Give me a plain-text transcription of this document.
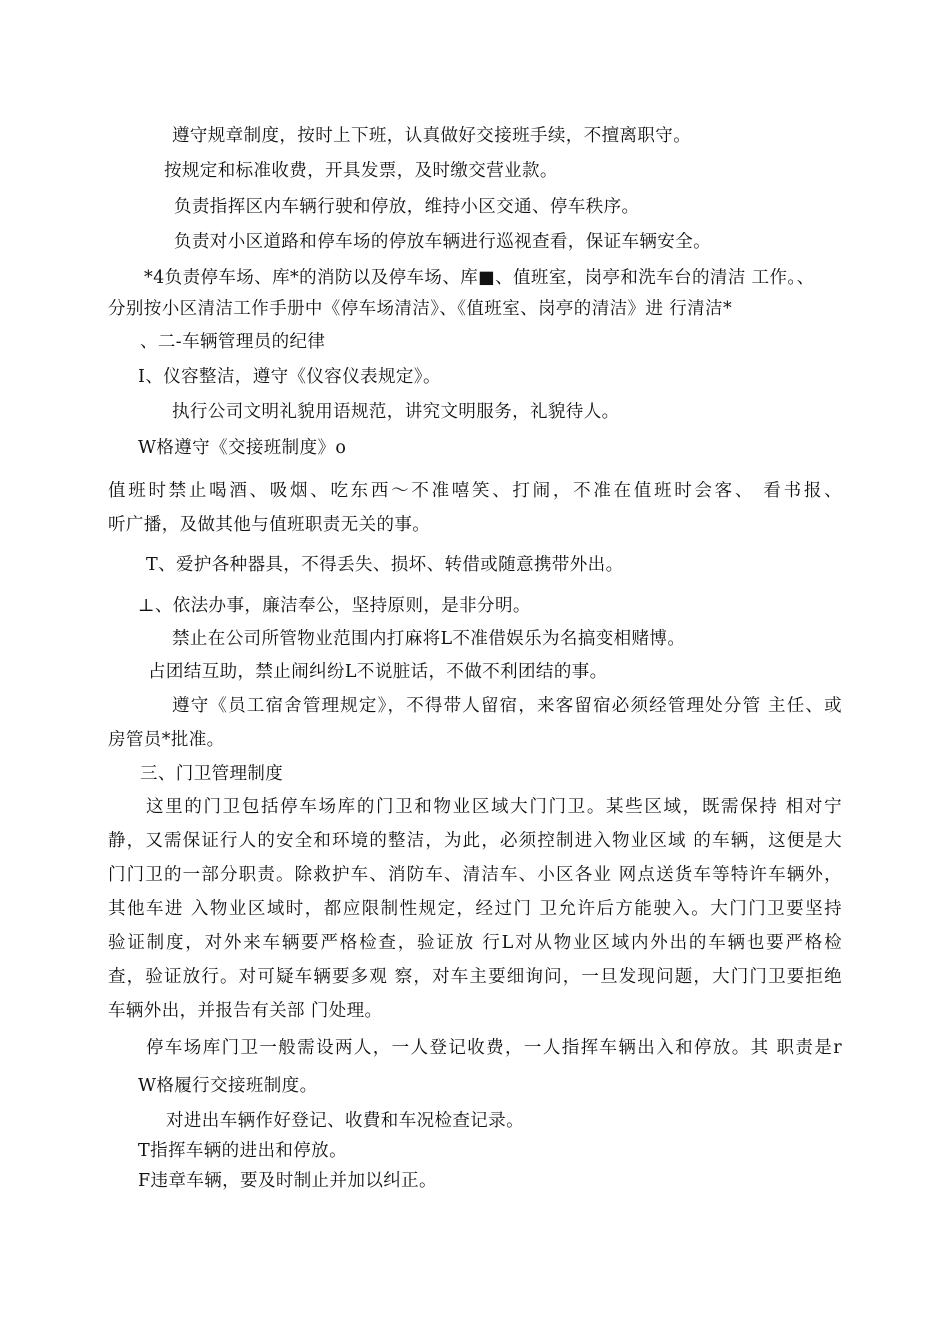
遵守规章制度，按时上下班，认真做好交接班手续，不擅离职守。
按规定和标准收费，开具发票，及时缴交营业款。
负责指挥区内车辆行驶和停放，维持小区交通、停车秩序。
负责对小区道路和停车场的停放车辆进行巡视查看，保证车辆安全。
*4负责停车场、库*的消防以及停车场、库■、值班室，岗亭和洗车台的清洁 工作。、
分别按小区清洁工作手册中《停车场清洁》、《值班室、岗亭的清洁》进 行清洁*
、二-车辆管理员的纪律
I、仪容整洁，遵守《仪容仪表规定》。
执行公司文明礼貌用语规范，讲究文明服务，礼貌待人。
W格遵守《交接班制度》o
值班时禁止喝酒、吸烟、吃东西〜不准嘻笑、打闹，不准在值班时会客、 看书报、
听广播，及做其他与值班职责无关的事。
T、爱护各种器具，不得丢失、损坏、转借或随意携带外出。
⊥、依法办事，廉洁奉公，坚持原则，是非分明。
禁止在公司所管物业范围内打麻将L不准借娱乐为名搞变相赌博。
占团结互助，禁止闹纠纷L不说脏话，不做不利团结的事。
遵守《员工宿舍管理规定》，不得带人留宿，来客留宿必须经管理处分管 主任、或
房管员*批准。
三、门卫管理制度
这里的门卫包括停车场库的门卫和物业区域大门门卫。某些区域，既需保持 相对宁
静，又需保证行人的安全和环境的整洁，为此，必须控制进入物业区域 的车辆，这便是大
门门卫的一部分职责。除救护车、消防车、清洁车、小区各业 网点送货车等特许车辆外，
其他车进 入物业区域时，都应限制性规定，经过门 卫允许后方能驶入。大门门卫要坚持
验证制度，对外来车辆要严格检查，验证放 行L对从物业区域内外出的车辆也要严格检
查，验证放行。对可疑车辆要多观 察，对车主要细询问，一旦发现问题，大门门卫要拒绝
车辆外出，并报告有关部 门处理。
停车场库门卫一般需设两人，一人登记收费，一人指挥车辆出入和停放。其 职责是r
W格履行交接班制度。
对进出车辆作好登记、收費和车况检查记录。
T指挥车辆的进出和停放。
F违章车辆，要及时制止并加以纠正。
